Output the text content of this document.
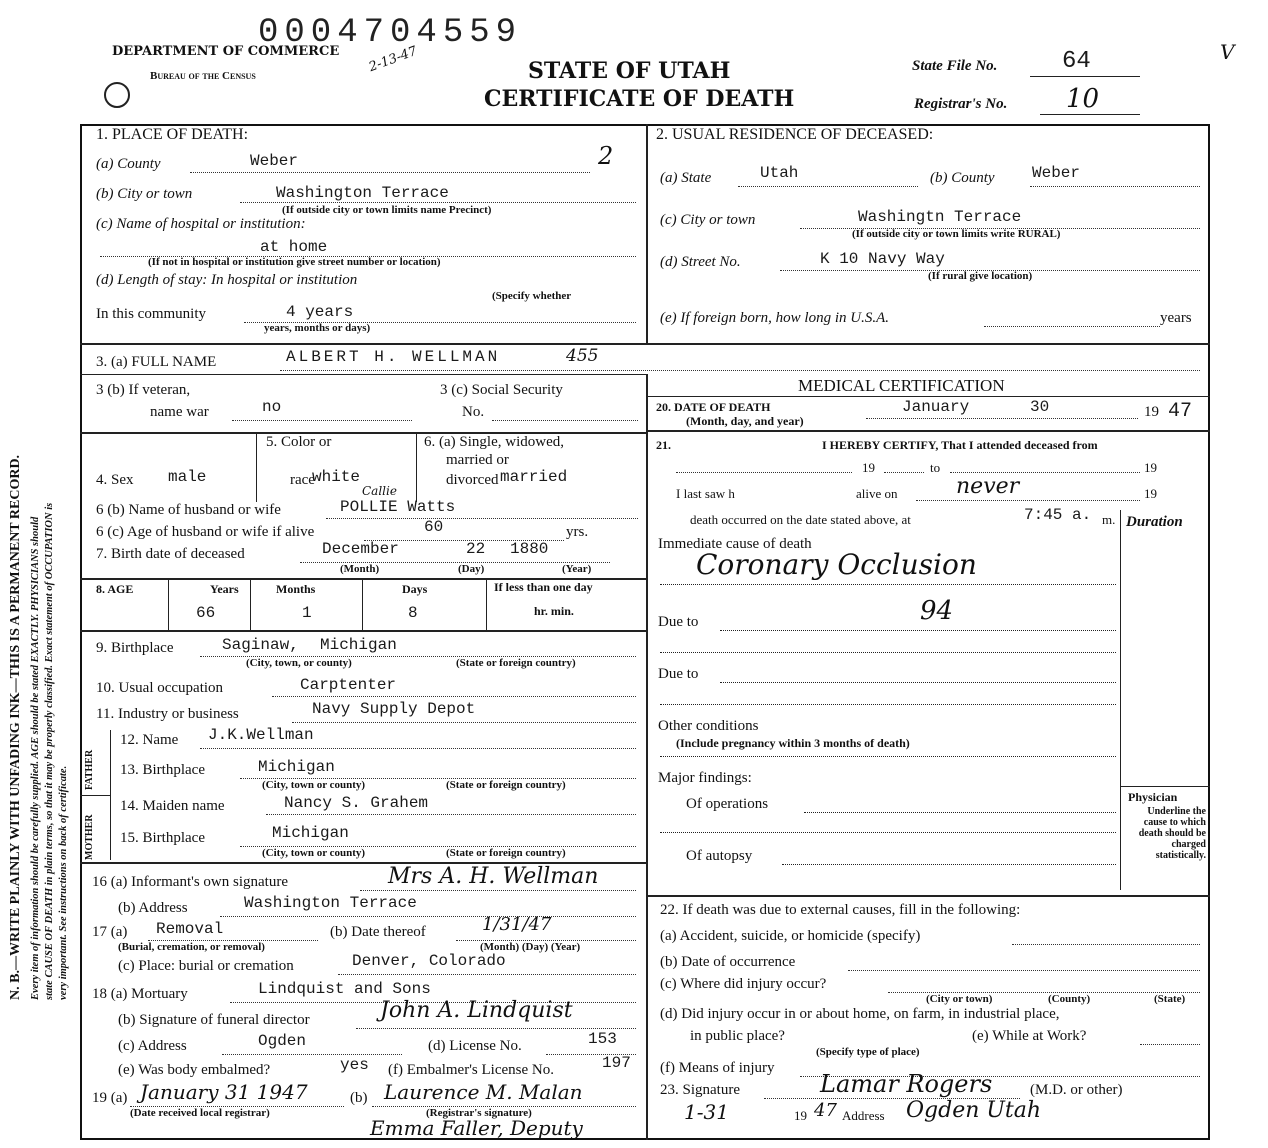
0004704559
2-13-47
DEPARTMENT OF COMMERCE
Bureau of the Census	STATE OF UTAH
CERTIFICATE OF DEATH
State File No.	64
Registrar's No. 10
V
N. B.—WRITE PLAINLY WITH UNFADING INK—THIS IS A PERMANENT RECORD. Every item of information should be carefully supplied. AGE should be stated EXACTLY. PHYSICIANS should state CAUSE OF DEATH in plain terms, so that it may be properly classified. Exact statement of OCCUPATION is very important. See instructions on back of certificate.
1. PLACE OF DEATH:
(a) County	Weber	2
(b) City or town	Washington Terrace
(If outside city or town limits name Precinct)
(c) Name of hospital or institution:
at home
(If not in hospital or institution give street number or location)
(d) Length of stay: In hospital or institution
(Specify whether
In this community	4 years
years, months or days)
2. USUAL RESIDENCE OF DECEASED:
(a) State	Utah	(b) County Weber
(c) City or town	Washingtn Terrace
(If outside city or town limits write RURAL)
(d) Street No.	K 10 Navy Way
(If rural give location)
(e) If foreign born, how long in U.S.A.	years
3. (a) FULL NAME	ALBERT H. WELLMAN	455
3 (b) If veteran,
name war	no
3 (c) Social Security
No.
4. Sex male
5. Color or
race
white
6. (a) Single, widowed,
married or
divorced married
6 (b) Name of husband or wife	POLLIE Watts
Callie
6 (c) Age of husband or wife if alive	60	yrs.
7. Birth date of deceased	December	22 1880
(Month)	(Day)	(Year)
8. AGE	Years	Months	Days	If less than one day
hr. min.
66	1	8
9. Birthplace	Saginaw, Michigan
(City, town, or county)	(State or foreign country)
10. Usual occupation	Carptenter
11. Industry or business	Navy Supply Depot
FATHER
MOTHER
12. Name J.K.Wellman
13. Birthplace	Michigan
(City, town or county)	(State or foreign country)
14. Maiden name	Nancy S. Grahem
15. Birthplace	Michigan
(City, town or county)	(State or foreign country)
16 (a) Informant's own signature	Mrs A. H. Wellman
(b) Address	Washington Terrace
17 (a) Removal
(Burial, cremation, or removal)
(b) Date thereof	1/31/47
(Month) (Day) (Year)
(c) Place: burial or cremation	Denver, Colorado
18 (a) Mortuary	Lindquist and Sons
(b) Signature of funeral director	John A. Lindquist
(c) Address	Ogden	(d) License No.	153
(e) Was body embalmed?	yes (f) Embalmer's License No.	197
19 (a) January 31 1947
(Date received local registrar)
(b) Laurence M. Malan
(Registrar's signature)
Emma Faller, Deputy
MEDICAL CERTIFICATION
20. DATE OF DEATH
(Month, day, and year)
January	30	19 47
21.	I HEREBY CERTIFY, That I attended deceased from
19	to	19
I last saw h	alive on	never	19
death occurred on the date stated above, at	7:45 a. m. Duration
Immediate cause of death
Coronary Occlusion
94
Due to
Due to
Other conditions
(Include pregnancy within 3 months of death)
Major findings:
Of operations
Of autopsy
Physician
Underline the cause to which death should be charged statistically.
22. If death was due to external causes, fill in the following:
(a) Accident, suicide, or homicide (specify)
(b) Date of occurrence
(c) Where did injury occur?
(City or town)	(County)	(State)
(d) Did injury occur in or about home, on farm, in industrial place,
in public place?	(e) While at Work?
(Specify type of place)
(f) Means of injury
23. Signature	Lamar Rogers	(M.D. or other)
1-31	19 47 Address Ogden Utah
